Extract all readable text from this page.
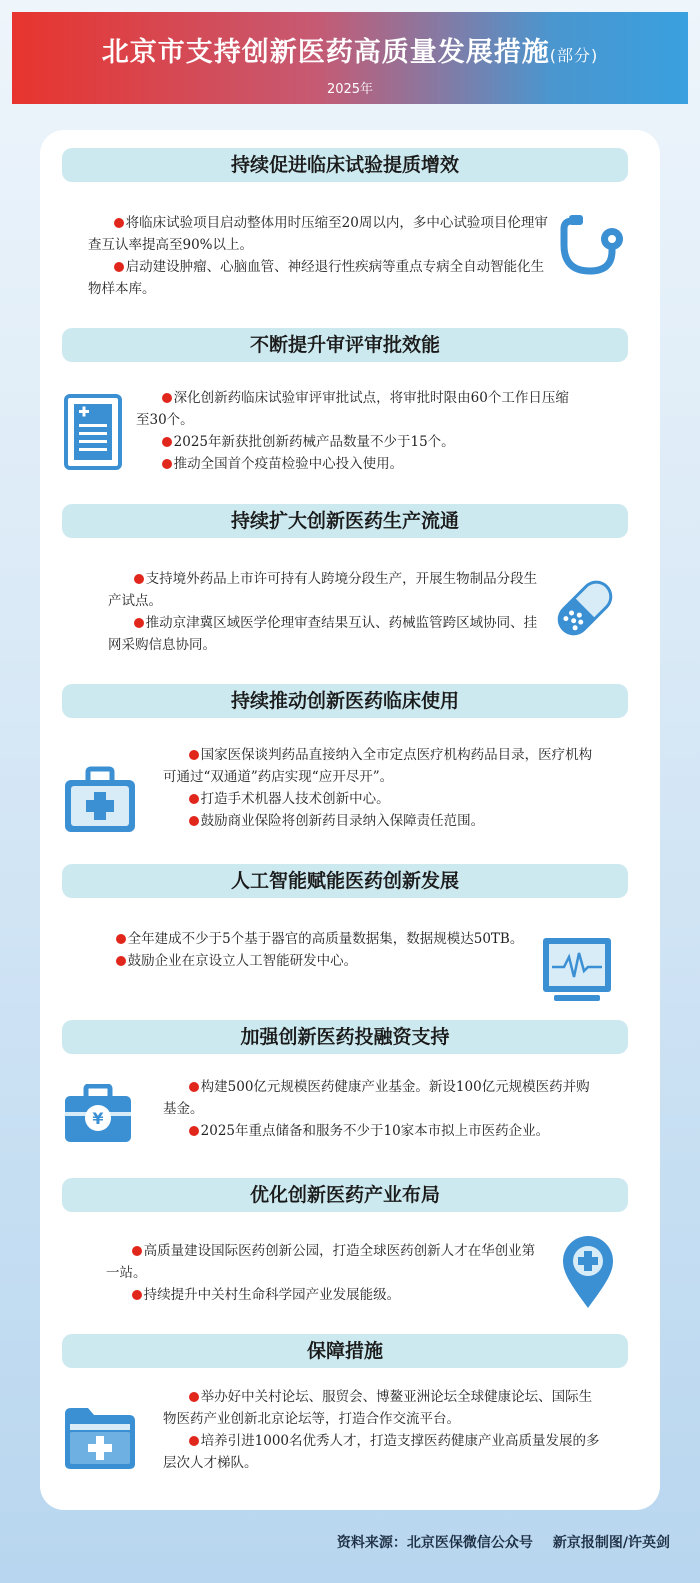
北京市支持创新医药高质量发展措施(部分)
2025年
持续促进临床试验提质增效

将临床试验项目启动整体用时压缩至20周以内，多中心试验项目伦理审查互认率提高至90%以上。

启动建设肿瘤、心脑血管、神经退行性疾病等重点专病全自动智能化生物样本库。

不断提升审评审批效能

深化创新药临床试验审评审批试点，将审批时限由60个工作日压缩至30个。

2025年新获批创新药械产品数量不少于15个。

推动全国首个疫苗检验中心投入使用。

持续扩大创新医药生产流通

支持境外药品上市许可持有人跨境分段生产，开展生物制品分段生产试点。

推动京津冀区域医学伦理审查结果互认、药械监管跨区域协同、挂网采购信息协同。

持续推动创新医药临床使用

国家医保谈判药品直接纳入全市定点医疗机构药品目录，医疗机构可通过“双通道”药店实现“应开尽开”。

打造手术机器人技术创新中心。

鼓励商业保险将创新药目录纳入保障责任范围。

人工智能赋能医药创新发展

全年建成不少于5个基于器官的高质量数据集，数据规模达50TB。

鼓励企业在京设立人工智能研发中心。

加强创新医药投融资支持

构建500亿元规模医药健康产业基金。新设100亿元规模医药并购基金。

2025年重点储备和服务不少于10家本市拟上市医药企业。

¥
优化创新医药产业布局

高质量建设国际医药创新公园，打造全球医药创新人才在华创业第一站。

持续提升中关村生命科学园产业发展能级。

保障措施

举办好中关村论坛、服贸会、博鳌亚洲论坛全球健康论坛、国际生物医药产业创新北京论坛等，打造合作交流平台。

培养引进1000名优秀人才，打造支撑医药健康产业高质量发展的多层次人才梯队。

资料来源：北京医保微信公众号 新京报制图/许英剑
